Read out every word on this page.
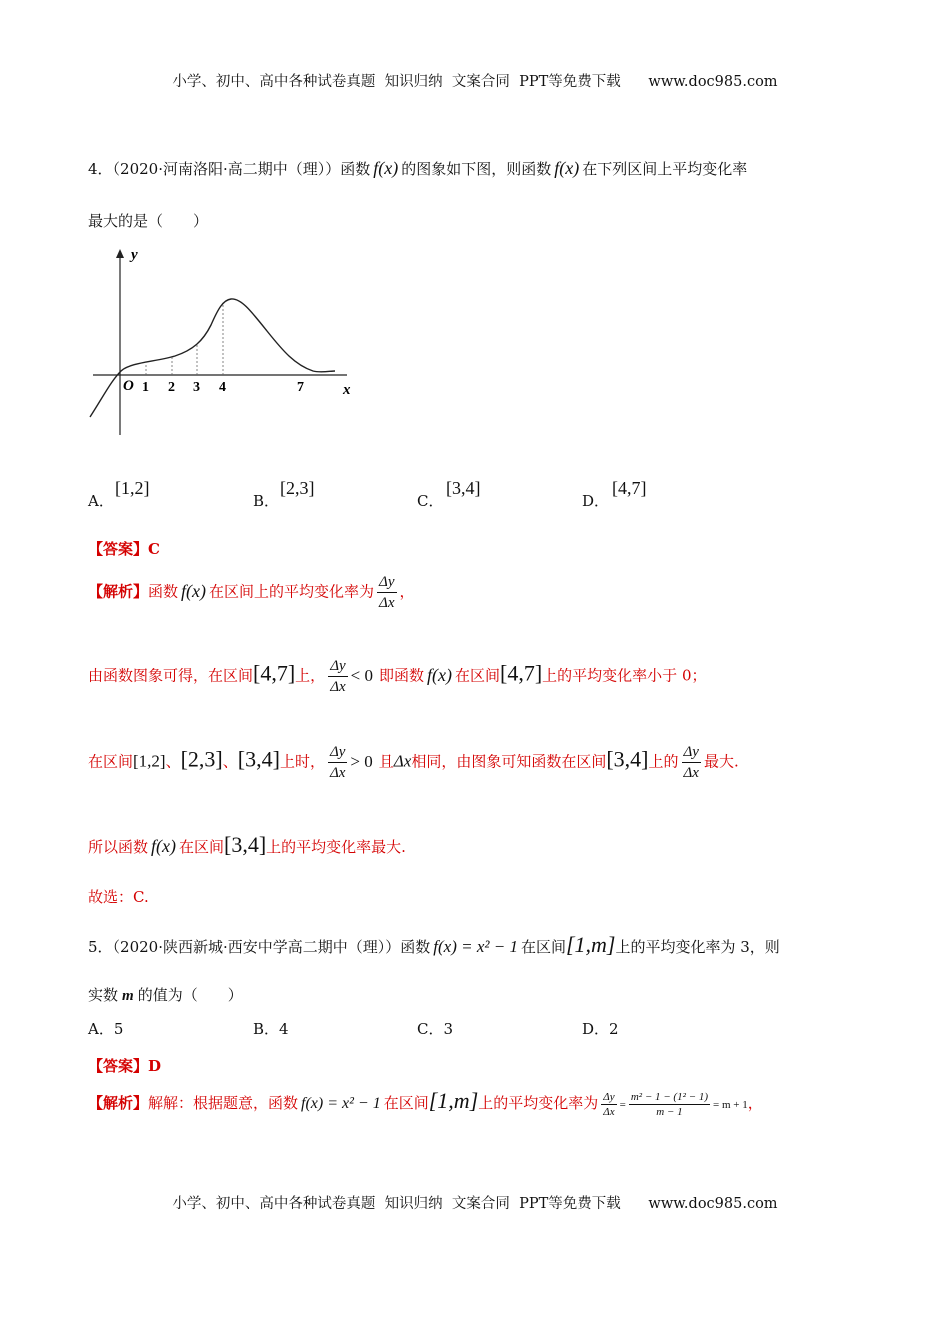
小学、初中、高中各种试卷真题  知识归纳  文案合同  PPT等免费下载      www.doc985.com
4．（2020·河南洛阳·高二期中（理））函数 f(x) 的图象如下图，则函数 f(x) 在下列区间上平均变化率
最大的是（　　）
y
x
O 1 2 3 4	7
A．
[1,2]
B．
[2,3]
C．
[3,4]
D．
[4,7]
【答案】C
【解析】函数 f(x) 在区间上的平均变化率为 $\frac{\Delta y}{\Delta x}$ ，
由函数图象可得，在区间[4,7]上， $\frac{\Delta y}{\Delta x} < 0$ 即函数 f(x) 在区间[4,7]上的平均变化率小于 0；
在区间[1,2]、[2,3]、[3,4]上时， $\frac{\Delta y}{\Delta x} > 0$ 且Δx相同，由图象可知函数在区间[3,4]上的 $\frac{\Delta y}{\Delta x}$ 最大.
所以函数 f(x) 在区间[3,4]上的平均变化率最大.
故选：C.
5．（2020·陕西新城·西安中学高二期中（理））函数 f(x) = x² − 1 在区间[1,m]上的平均变化率为 3，则
实数 m 的值为（　　）
A．5	B．4	C．3	D．2
【答案】D
【解析】解解：根据题意，函数 f(x) = x² − 1 在区间[1,m]上的平均变化率为 $\frac{\Delta y}{\Delta x} = \frac{\text{m² − 1 − (1² − 1)}}{m - 1} = m + 1$，
小学、初中、高中各种试卷真题  知识归纳  文案合同  PPT等免费下载      www.doc985.com
